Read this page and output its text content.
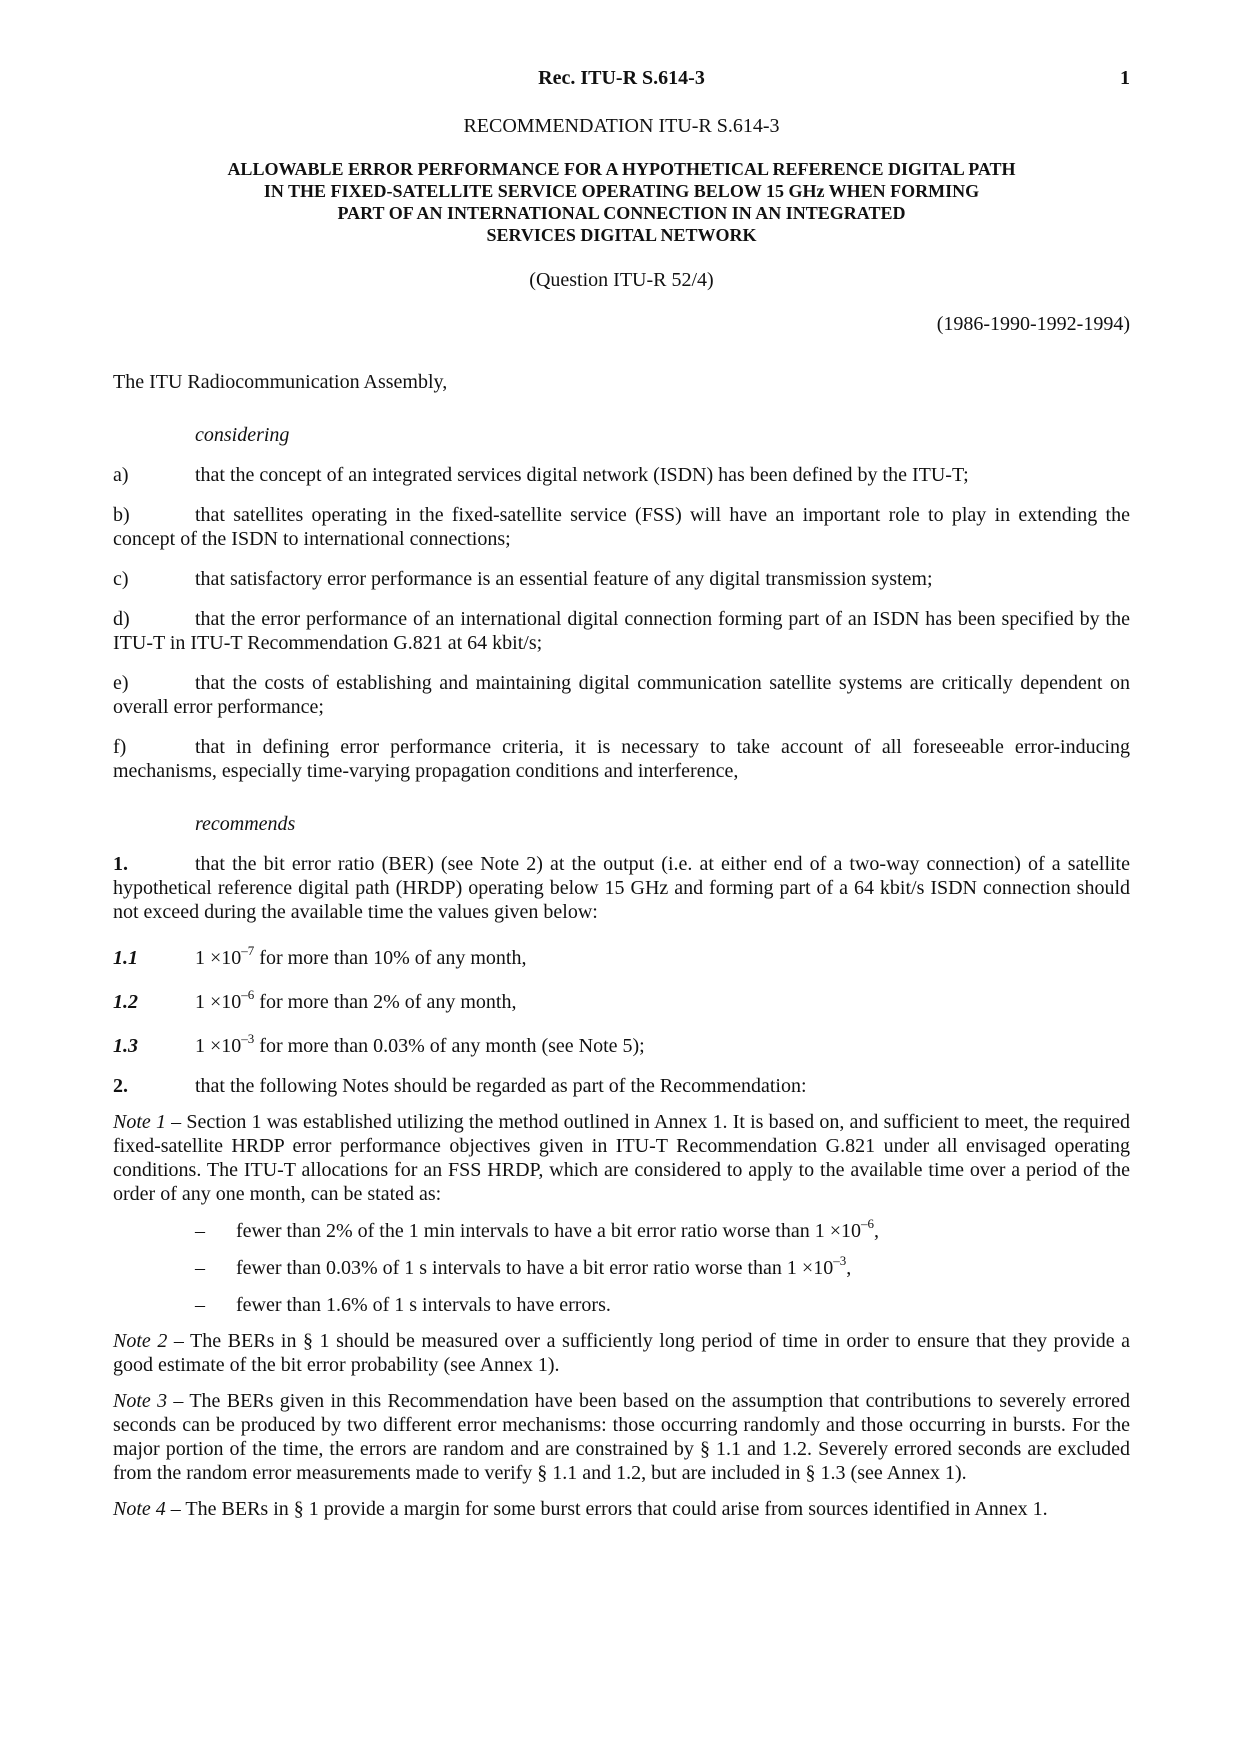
Rec. ITU-R S.614-3	1
RECOMMENDATION ITU-R S.614-3
ALLOWABLE ERROR PERFORMANCE FOR A HYPOTHETICAL REFERENCE DIGITAL PATH
IN THE FIXED-SATELLITE SERVICE OPERATING BELOW 15 GHz WHEN FORMING
PART OF AN INTERNATIONAL CONNECTION IN AN INTEGRATED
SERVICES DIGITAL NETWORK
(Question ITU-R 52/4)
(1986-1990-1992-1994)
The ITU Radiocommunication Assembly,
considering
a)	that the concept of an integrated services digital network (ISDN) has been defined by the ITU-T;
b)	that satellites operating in the fixed-satellite service (FSS) will have an important role to play in extending the concept of the ISDN to international connections;
c)	that satisfactory error performance is an essential feature of any digital transmission system;
d)	that the error performance of an international digital connection forming part of an ISDN has been specified by the ITU-T in ITU-T Recommendation G.821 at 64 kbit/s;
e)	that the costs of establishing and maintaining digital communication satellite systems are critically dependent on overall error performance;
f)	that in defining error performance criteria, it is necessary to take account of all foreseeable error-inducing mechanisms, especially time-varying propagation conditions and interference,
recommends
1.	that the bit error ratio (BER) (see Note 2) at the output (i.e. at either end of a two-way connection) of a satellite hypothetical reference digital path (HRDP) operating below 15 GHz and forming part of a 64 kbit/s ISDN connection should not exceed during the available time the values given below:
1.1	$1 \times 10^{-7}$ for more than 10% of any month,
1.2	$1 \times 10^{-6}$ for more than 2% of any month,
1.3	$1 \times 10^{-3}$ for more than 0.03% of any month (see Note 5);
2.	that the following Notes should be regarded as part of the Recommendation:
Note 1 – Section 1 was established utilizing the method outlined in Annex 1. It is based on, and sufficient to meet, the required fixed-satellite HRDP error performance objectives given in ITU-T Recommendation G.821 under all envisaged operating conditions. The ITU-T allocations for an FSS HRDP, which are considered to apply to the available time over a period of the order of any one month, can be stated as:
–	fewer than 2% of the 1 min intervals to have a bit error ratio worse than $1 \times 10^{-6}$,
–	fewer than 0.03% of 1 s intervals to have a bit error ratio worse than $1 \times 10^{-3}$,
–	fewer than 1.6% of 1 s intervals to have errors.
Note 2 – The BERs in § 1 should be measured over a sufficiently long period of time in order to ensure that they provide a good estimate of the bit error probability (see Annex 1).
Note 3 – The BERs given in this Recommendation have been based on the assumption that contributions to severely errored seconds can be produced by two different error mechanisms: those occurring randomly and those occurring in bursts. For the major portion of the time, the errors are random and are constrained by § 1.1 and 1.2. Severely errored seconds are excluded from the random error measurements made to verify § 1.1 and 1.2, but are included in § 1.3 (see Annex 1).
Note 4 – The BERs in § 1 provide a margin for some burst errors that could arise from sources identified in Annex 1.
